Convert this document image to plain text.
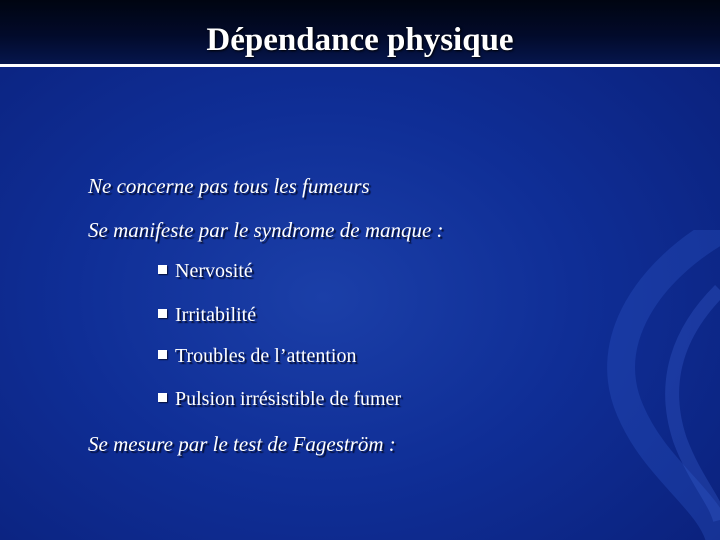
Dépendance physique
Ne concerne pas tous les fumeurs
Se manifeste par le syndrome de manque :
Nervosité
Irritabilité
Troubles de l’attention
Pulsion irrésistible de fumer
Se mesure par le test de Fageström :
